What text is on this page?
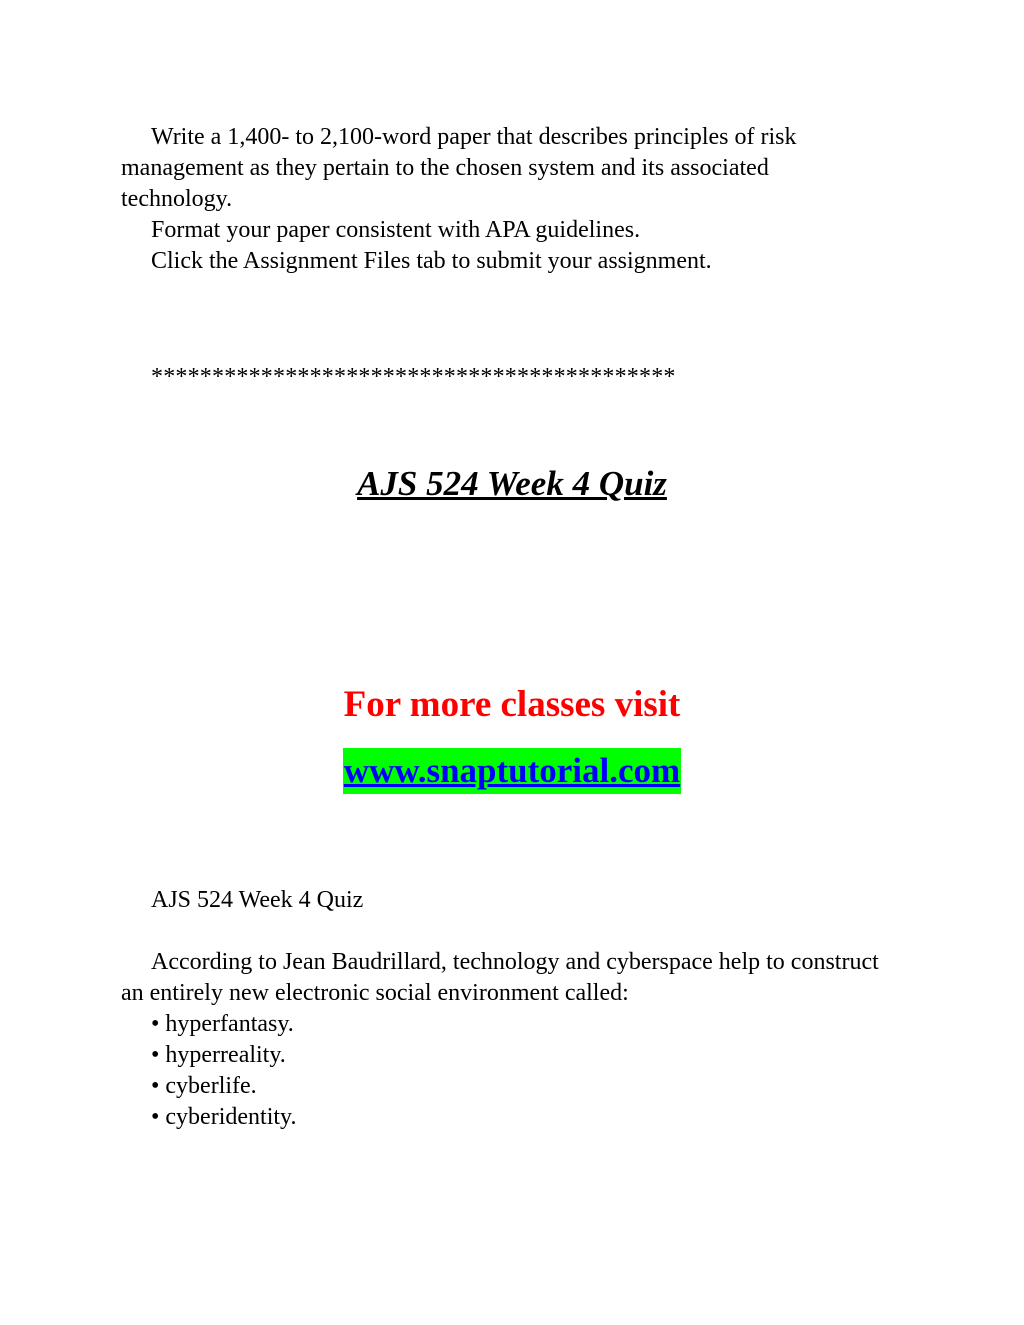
Write a 1,400- to 2,100-word paper that describes principles of risk management as they pertain to the chosen system and its associated technology.

Format your paper consistent with APA guidelines.

Click the Assignment Files tab to submit your assignment.

*******************************************
AJS 524 Week 4 Quiz
For more classes visit
www.snaptutorial.com

AJS 524 Week 4 Quiz

According to Jean Baudrillard, technology and cyberspace help to construct an entirely new electronic social environment called:

• hyperfantasy.

• hyperreality.

• cyberlife.

• cyberidentity.
